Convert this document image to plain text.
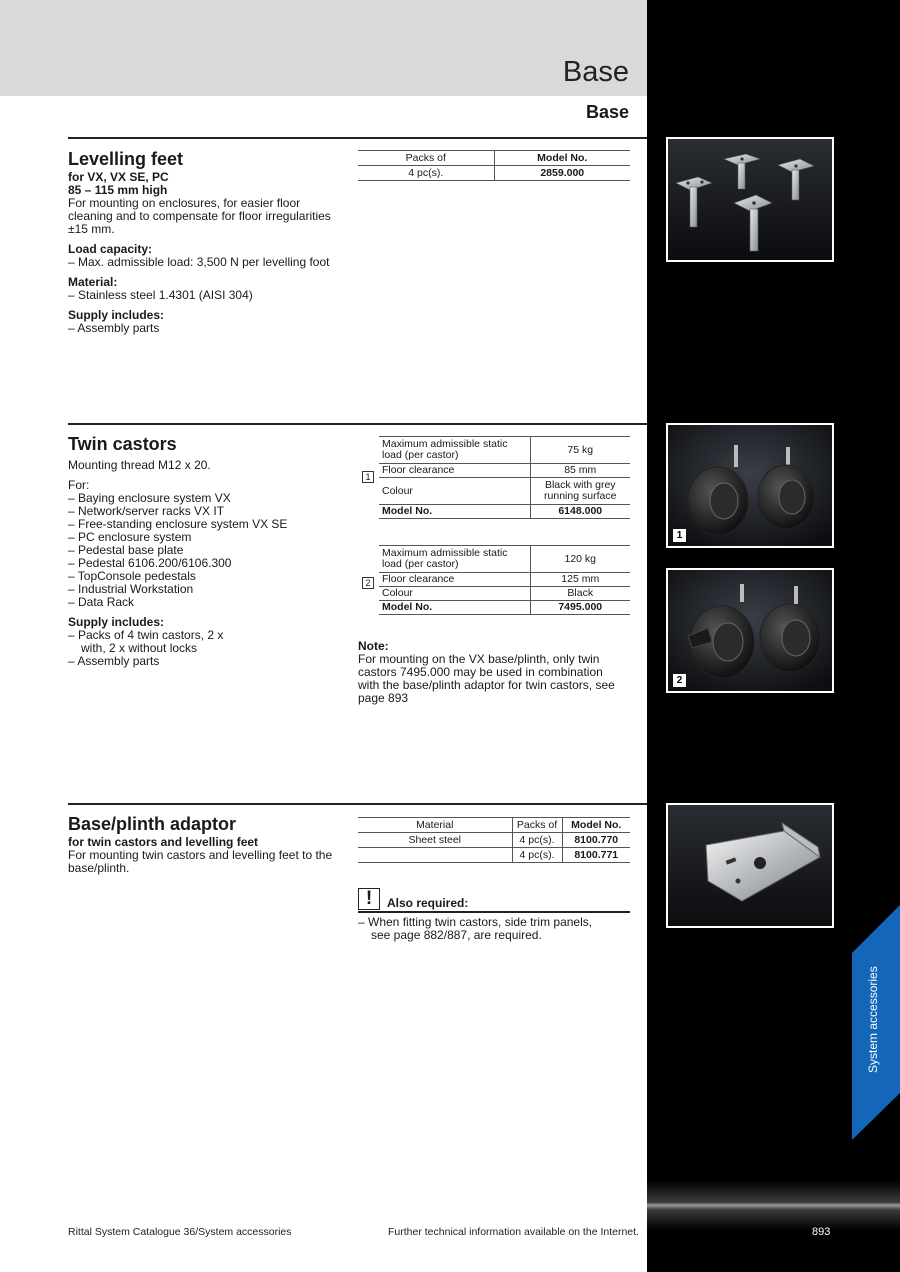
Base
Base
Levelling feet
for VX, VX SE, PC
85 – 115 mm high
For mounting on enclosures, for easier floor cleaning and to compensate for floor irregularities ±15 mm.
Load capacity:
– Max. admissible load: 3,500 N per levelling foot
Material:
– Stainless steel 1.4301 (AISI 304)
Supply includes:
– Assembly parts
Packs of	Model No.
4 pc(s).	2859.000
Twin castors
Mounting thread M12 x 20.
For:
– Baying enclosure system VX
– Network/server racks VX IT
– Free-standing enclosure system VX SE
– PC enclosure system
– Pedestal base plate
– Pedestal 6106.200/6106.300
– TopConsole pedestals
– Industrial Workstation
– Data Rack
Supply includes:
– Packs of 4 twin castors, 2 x with, 2 x without locks
– Assembly parts
1
Maximum admissible static load (per castor)	75 kg
Floor clearance	85 mm
Colour	Black with grey running surface
Model No.	6148.000
2
Maximum admissible static load (per castor)	120 kg
Floor clearance	125 mm
Colour	Black
Model No.	7495.000
Note:
For mounting on the VX base/plinth, only twin castors 7495.000 may be used in combination with the base/plinth adaptor for twin castors, see page 893
1
2
Base/plinth adaptor
for twin castors and levelling feet
For mounting twin castors and levelling feet to the base/plinth.
Material	Packs of	Model No.
Sheet steel	4 pc(s).	8100.770
	4 pc(s).	8100.771
!	Also required:
– When fitting twin castors, side trim panels, see page 882/887, are required.
System accessories
Rittal System Catalogue 36/System accessories	Further technical information available on the Internet.	893
